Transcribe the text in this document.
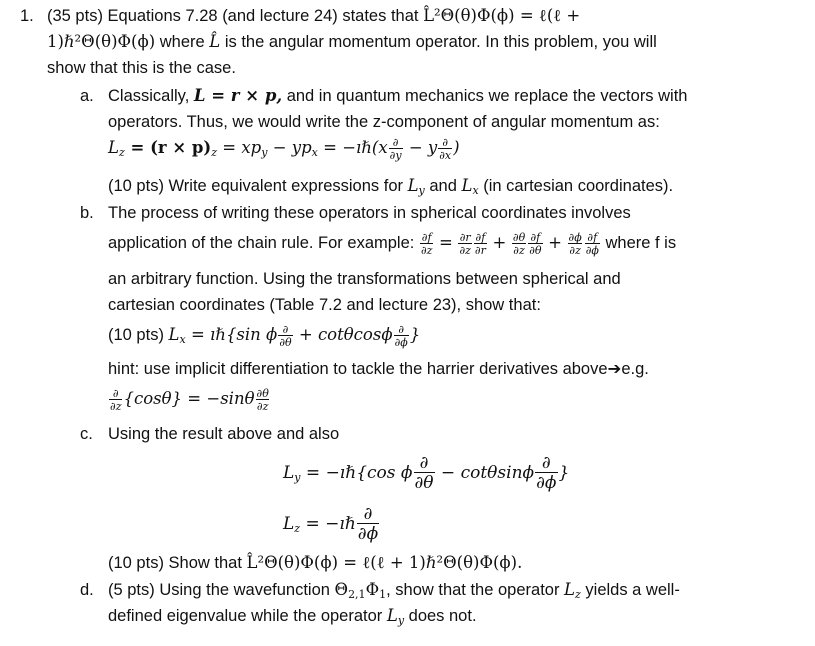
1. (35 pts) Equations 7.28 (and lecture 24) states that L̂²Θ(θ)Φ(ϕ) = ℓ(ℓ +
1)ℏ²Θ(θ)Φ(ϕ) where L̂ is the angular momentum operator. In this problem, you will
show that this is the case.
a. Classically, L = r × p, and in quantum mechanics we replace the vectors with
operators. Thus, we would write the z-component of angular momentum as:
$L_z = (r \times p)_z = xp_y - yp_x$ = −ıℏ(x $\frac{\partial}{\partial y} - y \frac{\partial}{\partial x}$ )
(10 pts) Write equivalent expressions for $L_y$ and $L_x$ (in cartesian coordinates).
b. The process of writing these operators in spherical coordinates involves
application of the chain rule. For example: $\frac{\partial f}{\partial z} = \frac{\partial r}{\partial z} \frac{\partial f}{\partial r} + \frac{\partial\theta}{\partial z} \frac{\partial f}{\partial\theta} + \frac{\partial\phi}{\partial z} \frac{\partial f}{\partial\phi}$ where f is
an arbitrary function. Using the transformations between spherical and
cartesian coordinates (Table 7.2 and lecture 23), show that:
(10 pts) $L_x$ = ıℏ{sin ϕ $\frac{\partial}{\partial\theta} + \cot\theta\cos\phi \frac{\partial}{\partial\phi}$ }
hint: use implicit differentiation to tackle the harrier derivatives above➔e.g.
$\frac{\partial}{\partial z} \{\cos\theta\} = -\sin\theta \frac{\partial\theta}{\partial z}$
c. Using the result above and also
$L_y$ = −ıℏ{cos ϕ $\frac{\partial}{\partial\theta} - \cot\theta\sin\phi \frac{\partial}{\partial\phi}$ }
$L_z$ = −ıℏ $\frac{\partial}{\partial\phi}$
(10 pts) Show that L̂²Θ(θ)Φ(ϕ) = ℓ(ℓ + 1)ℏ²Θ(θ)Φ(ϕ).
d. (5 pts) Using the wavefunction $\Theta_{2,1}\Phi_1$, show that the operator $L_z$ yields a well-
defined eigenvalue while the operator $L_y$ does not.
